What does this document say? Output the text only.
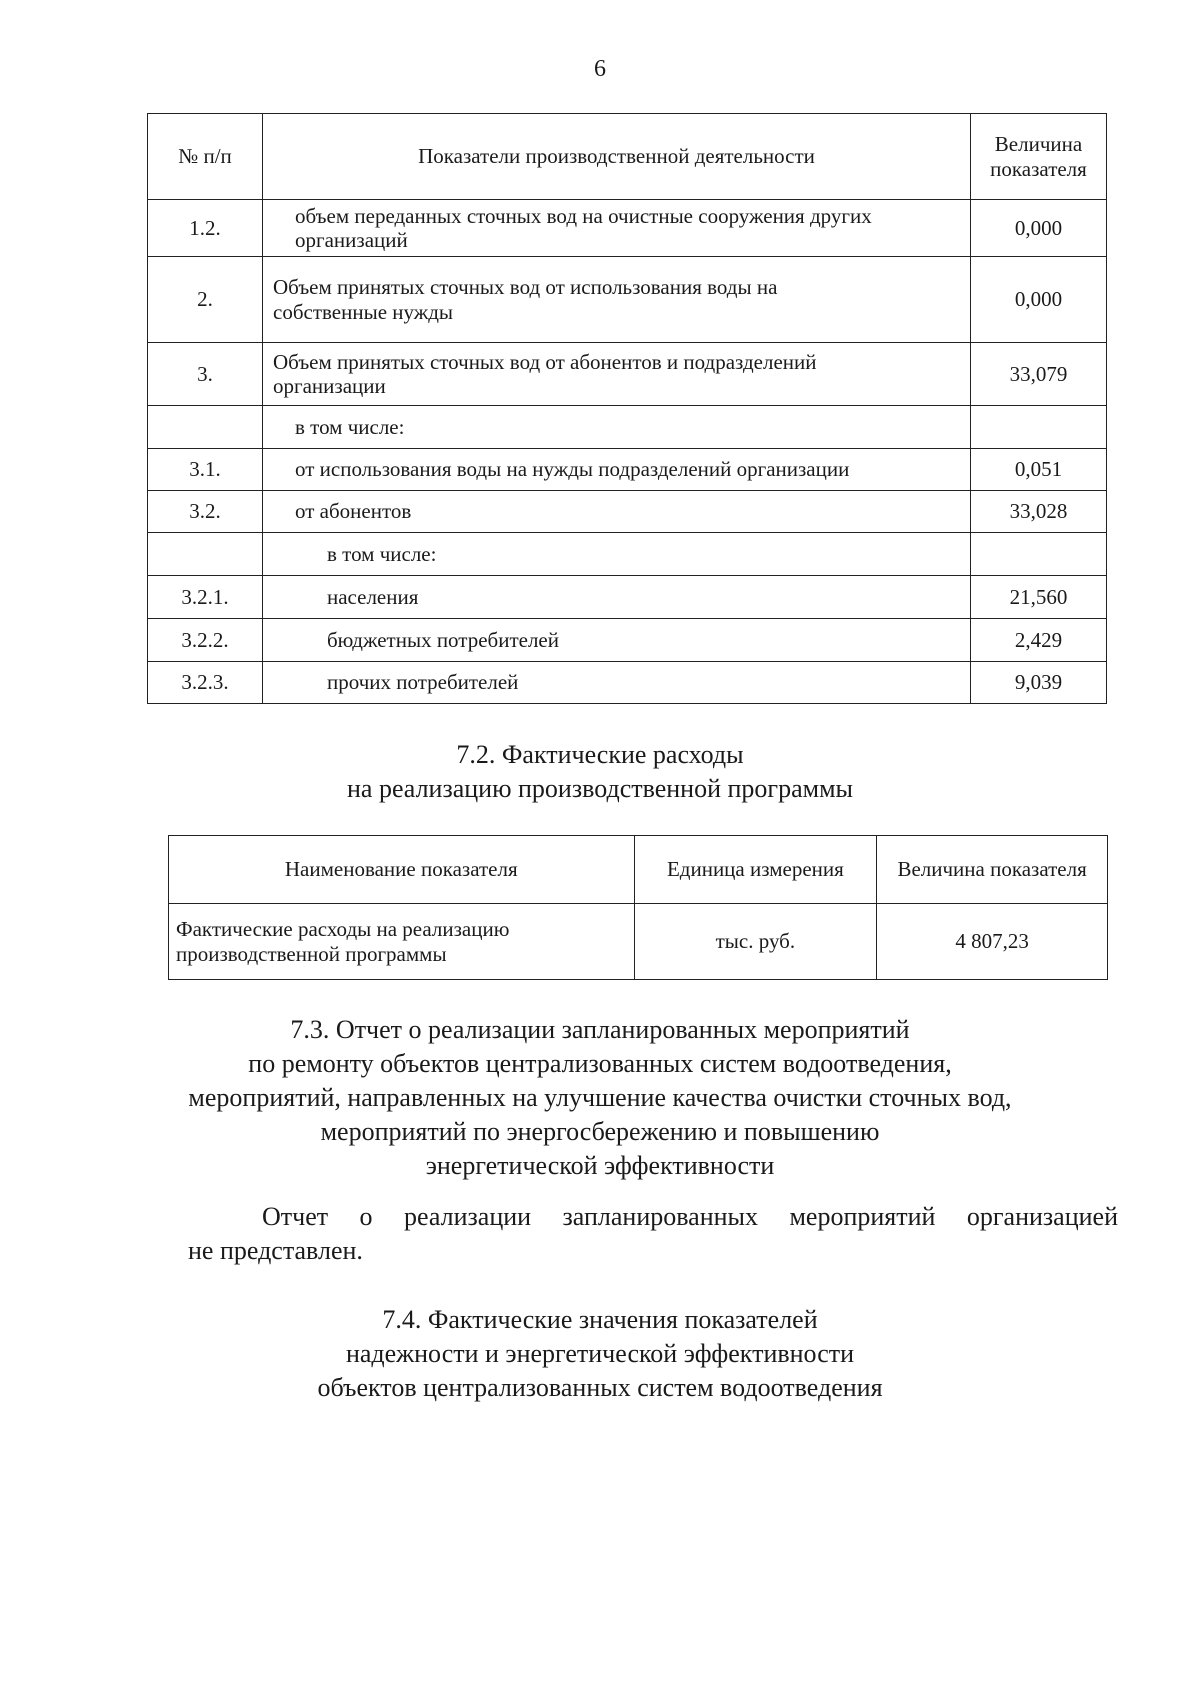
6
№ п/п	Показатели производственной деятельности	Величина показателя
1.2.	объем переданных сточных вод на очистные сооружения других организаций	0,000
2.	Объем принятых сточных вод от использования воды на собственные нужды	0,000
3.	Объем принятых сточных вод от абонентов и подразделений организации	33,079
	в том числе:	
3.1.	от использования воды на нужды подразделений организации	0,051
3.2.	от абонентов	33,028
	в том числе:	
3.2.1.	населения	21,560
3.2.2.	бюджетных потребителей	2,429
3.2.3.	прочих потребителей	9,039

7.2. Фактические расходы

на реализацию производственной программы

Наименование показателя	Единица измерения	Величина показателя
Фактические расходы на реализацию производственной программы	тыс. руб.	4 807,23

7.3. Отчет о реализации запланированных мероприятий

по ремонту объектов централизованных систем водоотведения,

мероприятий, направленных на улучшение качества очистки сточных вод,

мероприятий по энергосбережению и повышению

энергетической эффективности

Отчет о реализации запланированных мероприятий организацией
не представлен.

7.4. Фактические значения показателей

надежности и энергетической эффективности

объектов централизованных систем водоотведения
